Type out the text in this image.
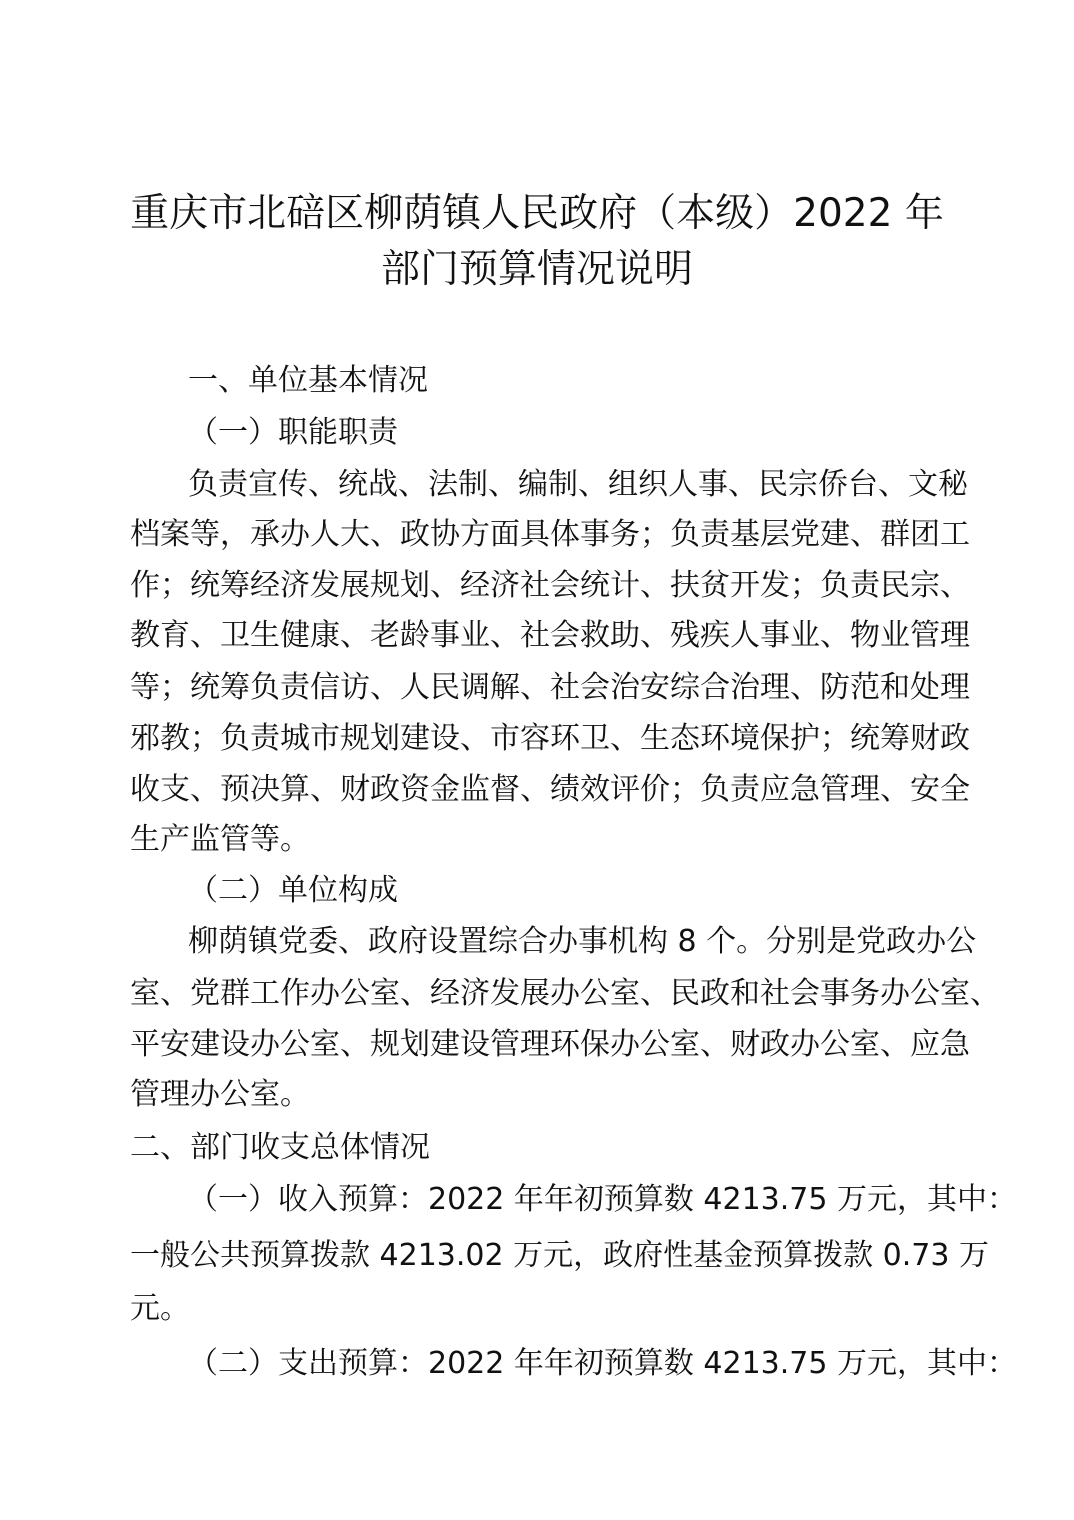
重庆市北碚区柳荫镇人民政府（本级）2022 年
部门预算情况说明
一、单位基本情况
（一）职能职责
负责宣传、统战、法制、编制、组织人事、民宗侨台、文秘
档案等，承办人大、政协方面具体事务；负责基层党建、群团工
作；统筹经济发展规划、经济社会统计、扶贫开发；负责民宗、
教育、卫生健康、老龄事业、社会救助、残疾人事业、物业管理
等；统筹负责信访、人民调解、社会治安综合治理、防范和处理
邪教；负责城市规划建设、市容环卫、生态环境保护；统筹财政
收支、预决算、财政资金监督、绩效评价；负责应急管理、安全
生产监管等。
（二）单位构成
柳荫镇党委、政府设置综合办事机构 8 个。分别是党政办公
室、党群工作办公室、经济发展办公室、民政和社会事务办公室、
平安建设办公室、规划建设管理环保办公室、财政办公室、应急
管理办公室。
二、部门收支总体情况
（一）收入预算：2022 年年初预算数 4213.75 万元，其中：
一般公共预算拨款 4213.02 万元，政府性基金预算拨款 0.73 万
元。
（二）支出预算：2022 年年初预算数 4213.75 万元，其中：
